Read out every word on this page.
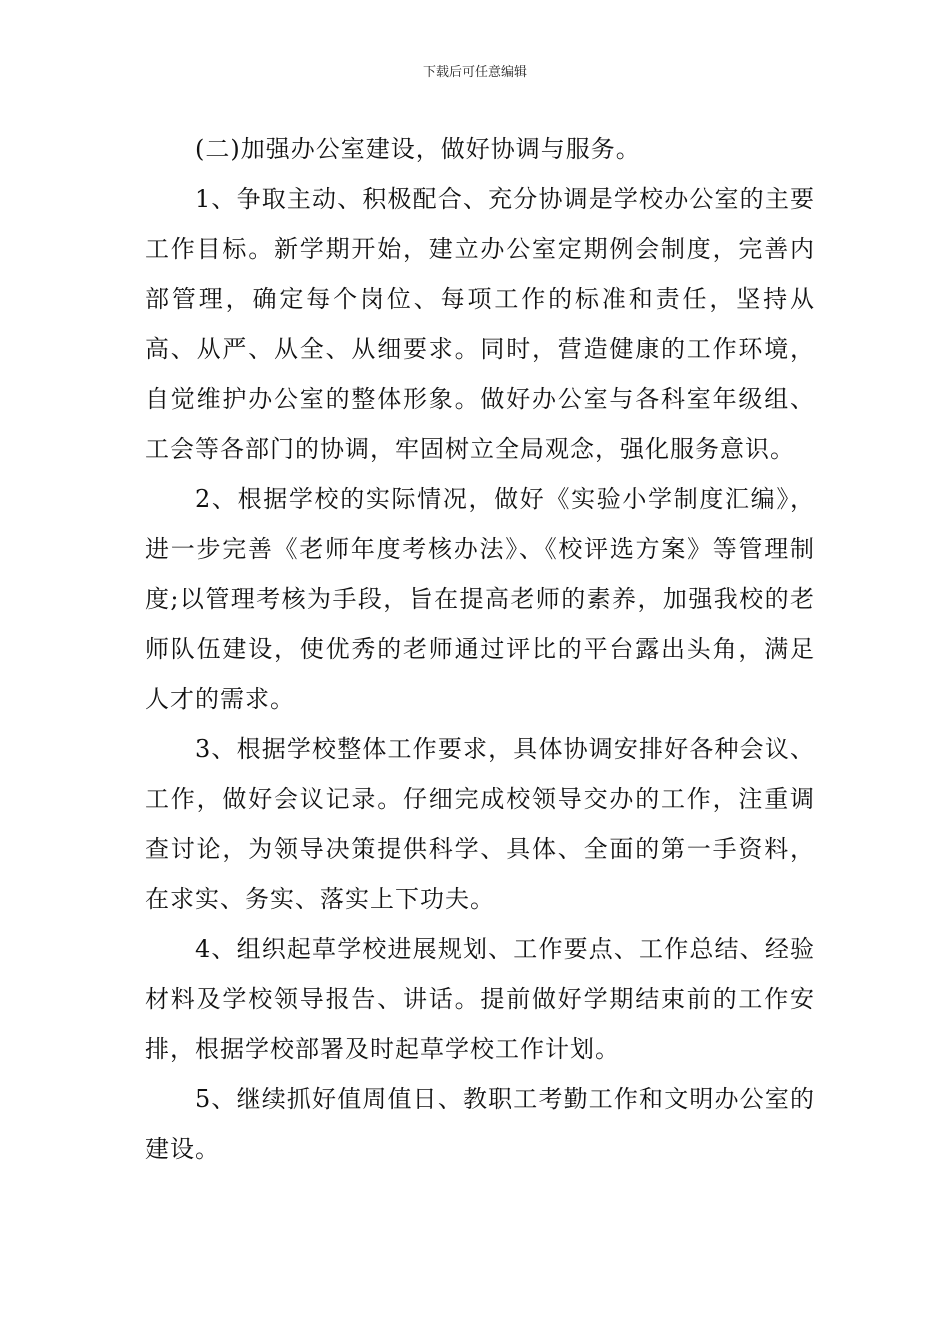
下载后可任意编辑

(二)加强办公室建设，做好协调与服务。

1、争取主动、积极配合、充分协调是学校办公室的主要工作目标。新学期开始，建立办公室定期例会制度，完善内部管理，确定每个岗位、每项工作的标准和责任，坚持从高、从严、从全、从细要求。同时，营造健康的工作环境，自觉维护办公室的整体形象。做好办公室与各科室年级组、工会等各部门的协调，牢固树立全局观念，强化服务意识。

2、根据学校的实际情况，做好《实验小学制度汇编》，进一步完善《老师年度考核办法》、《校评选方案》等管理制度;以管理考核为手段，旨在提高老师的素养，加强我校的老师队伍建设，使优秀的老师通过评比的平台露出头角，满足人才的需求。

3、根据学校整体工作要求，具体协调安排好各种会议、工作，做好会议记录。仔细完成校领导交办的工作，注重调查讨论，为领导决策提供科学、具体、全面的第一手资料，在求实、务实、落实上下功夫。

4、组织起草学校进展规划、工作要点、工作总结、经验材料及学校领导报告、讲话。提前做好学期结束前的工作安排，根据学校部署及时起草学校工作计划。

5、继续抓好值周值日、教职工考勤工作和文明办公室的建设。
